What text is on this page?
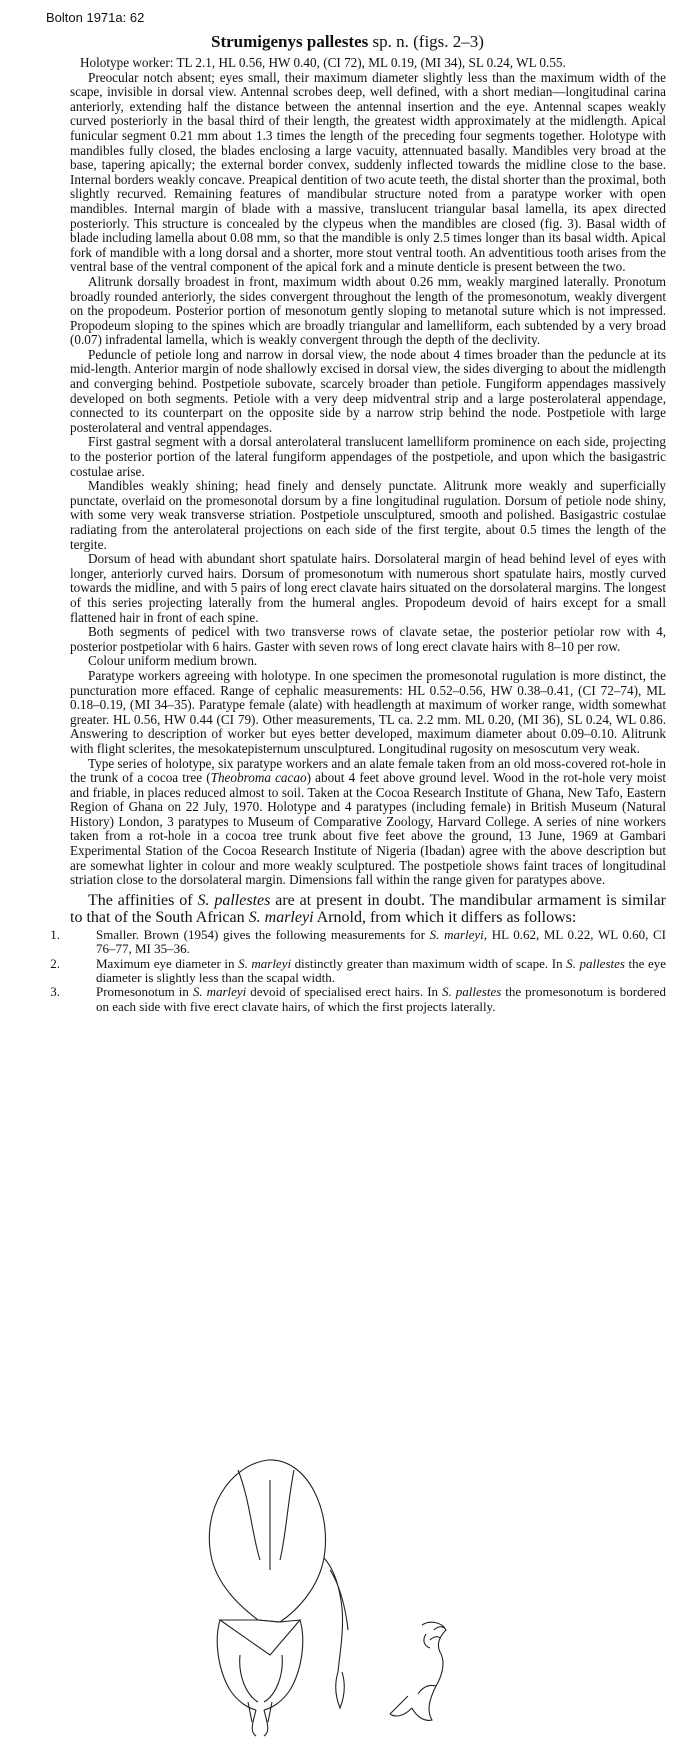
Bolton 1971a: 62
Strumigenys pallestes sp. n. (figs. 2–3)

Holotype worker: TL 2.1, HL 0.56, HW 0.40, (CI 72), ML 0.19, (MI 34), SL 0.24, WL 0.55.

Preocular notch absent; eyes small, their maximum diameter slightly less than the maximum width of the scape, invisible in dorsal view. Antennal scrobes deep, well defined, with a short median—longitudinal carina anteriorly, extending half the distance between the antennal insertion and the eye. Antennal scapes weakly curved posteriorly in the basal third of their length, the greatest width approximately at the midlength. Apical funicular segment 0.21 mm about 1.3 times the length of the preceding four segments together. Holotype with mandibles fully closed, the blades enclosing a large vacuity, attennuated basally. Mandibles very broad at the base, tapering apically; the external border convex, suddenly inflected towards the midline close to the base. Internal borders weakly concave. Preapical dentition of two acute teeth, the distal shorter than the proximal, both slightly recurved. Remaining features of mandibular structure noted from a paratype worker with open mandibles. Internal margin of blade with a massive, translucent triangular basal lamella, its apex directed posteriorly. This structure is concealed by the clypeus when the mandibles are closed (fig. 3). Basal width of blade including lamella about 0.08 mm, so that the mandible is only 2.5 times longer than its basal width. Apical fork of mandible with a long dorsal and a shorter, more stout ventral tooth. An adventitious tooth arises from the ventral base of the ventral component of the apical fork and a minute denticle is present between the two.

Alitrunk dorsally broadest in front, maximum width about 0.26 mm, weakly margined laterally. Pronotum broadly rounded anteriorly, the sides convergent throughout the length of the promesonotum, weakly divergent on the propodeum. Posterior portion of mesonotum gently sloping to metanotal suture which is not impressed. Propodeum sloping to the spines which are broadly triangular and lamelliform, each subtended by a very broad (0.07) infradental lamella, which is weakly convergent through the depth of the declivity.

Peduncle of petiole long and narrow in dorsal view, the node about 4 times broader than the peduncle at its mid-length. Anterior margin of node shallowly excised in dorsal view, the sides diverging to about the midlength and converging behind. Postpetiole subovate, scarcely broader than petiole. Fungiform appendages massively developed on both segments. Petiole with a very deep midventral strip and a large posterolateral appendage, connected to its counterpart on the opposite side by a narrow strip behind the node. Postpetiole with large posterolateral and ventral appendages.

First gastral segment with a dorsal anterolateral translucent lamelliform prominence on each side, projecting to the posterior portion of the lateral fungiform appendages of the postpetiole, and upon which the basigastric costulae arise.

Mandibles weakly shining; head finely and densely punctate. Alitrunk more weakly and superficially punctate, overlaid on the promesonotal dorsum by a fine longitudinal rugulation. Dorsum of petiole node shiny, with some very weak transverse striation. Postpetiole unsculptured, smooth and polished. Basigastric costulae radiating from the anterolateral projections on each side of the first tergite, about 0.5 times the length of the tergite.

Dorsum of head with abundant short spatulate hairs. Dorsolateral margin of head behind level of eyes with longer, anteriorly curved hairs. Dorsum of promesonotum with numerous short spatulate hairs, mostly curved towards the midline, and with 5 pairs of long erect clavate hairs situated on the dorsolateral margins. The longest of this series projecting laterally from the humeral angles. Propodeum devoid of hairs except for a small flattened hair in front of each spine.

Both segments of pedicel with two transverse rows of clavate setae, the posterior petiolar row with 4, posterior postpetiolar with 6 hairs. Gaster with seven rows of long erect clavate hairs with 8–10 per row.

Colour uniform medium brown.

Paratype workers agreeing with holotype. In one specimen the promesonotal rugulation is more distinct, the puncturation more effaced. Range of cephalic measurements: HL 0.52–0.56, HW 0.38–0.41, (CI 72–74), ML 0.18–0.19, (MI 34–35). Paratype female (alate) with headlength at maximum of worker range, width somewhat greater. HL 0.56, HW 0.44 (CI 79). Other measurements, TL ca. 2.2 mm. ML 0.20, (MI 36), SL 0.24, WL 0.86. Answering to description of worker but eyes better developed, maximum diameter about 0.09–0.10. Alitrunk with flight sclerites, the mesokatepisternum unsculptured. Longitudinal rugosity on mesoscutum very weak.

Type series of holotype, six paratype workers and an alate female taken from an old moss-covered rot-hole in the trunk of a cocoa tree (Theobroma cacao) about 4 feet above ground level. Wood in the rot-hole very moist and friable, in places reduced almost to soil. Taken at the Cocoa Research Institute of Ghana, New Tafo, Eastern Region of Ghana on 22 July, 1970. Holotype and 4 paratypes (including female) in British Museum (Natural History) London, 3 paratypes to Museum of Comparative Zoology, Harvard College. A series of nine workers taken from a rot-hole in a cocoa tree trunk about five feet above the ground, 13 June, 1969 at Gambari Experimental Station of the Cocoa Research Institute of Nigeria (Ibadan) agree with the above description but are somewhat lighter in colour and more weakly sculptured. The postpetiole shows faint traces of longitudinal striation close to the dorsolateral margin. Dimensions fall within the range given for paratypes above.

The affinities of S. pallestes are at present in doubt. The mandibular armament is similar to that of the South African S. marleyi Arnold, from which it differs as follows:

1.	Smaller. Brown (1954) gives the following measurements for S. marleyi, HL 0.62, ML 0.22, WL 0.60, CI 76–77, MI 35–36.
2.	Maximum eye diameter in S. marleyi distinctly greater than maximum width of scape. In S. pallestes the eye diameter is slightly less than the scapal width.
3.	Promesonotum in S. marleyi devoid of specialised erect hairs. In S. pallestes the promesonotum is bordered on each side with five erect clavate hairs, of which the first projects laterally.
